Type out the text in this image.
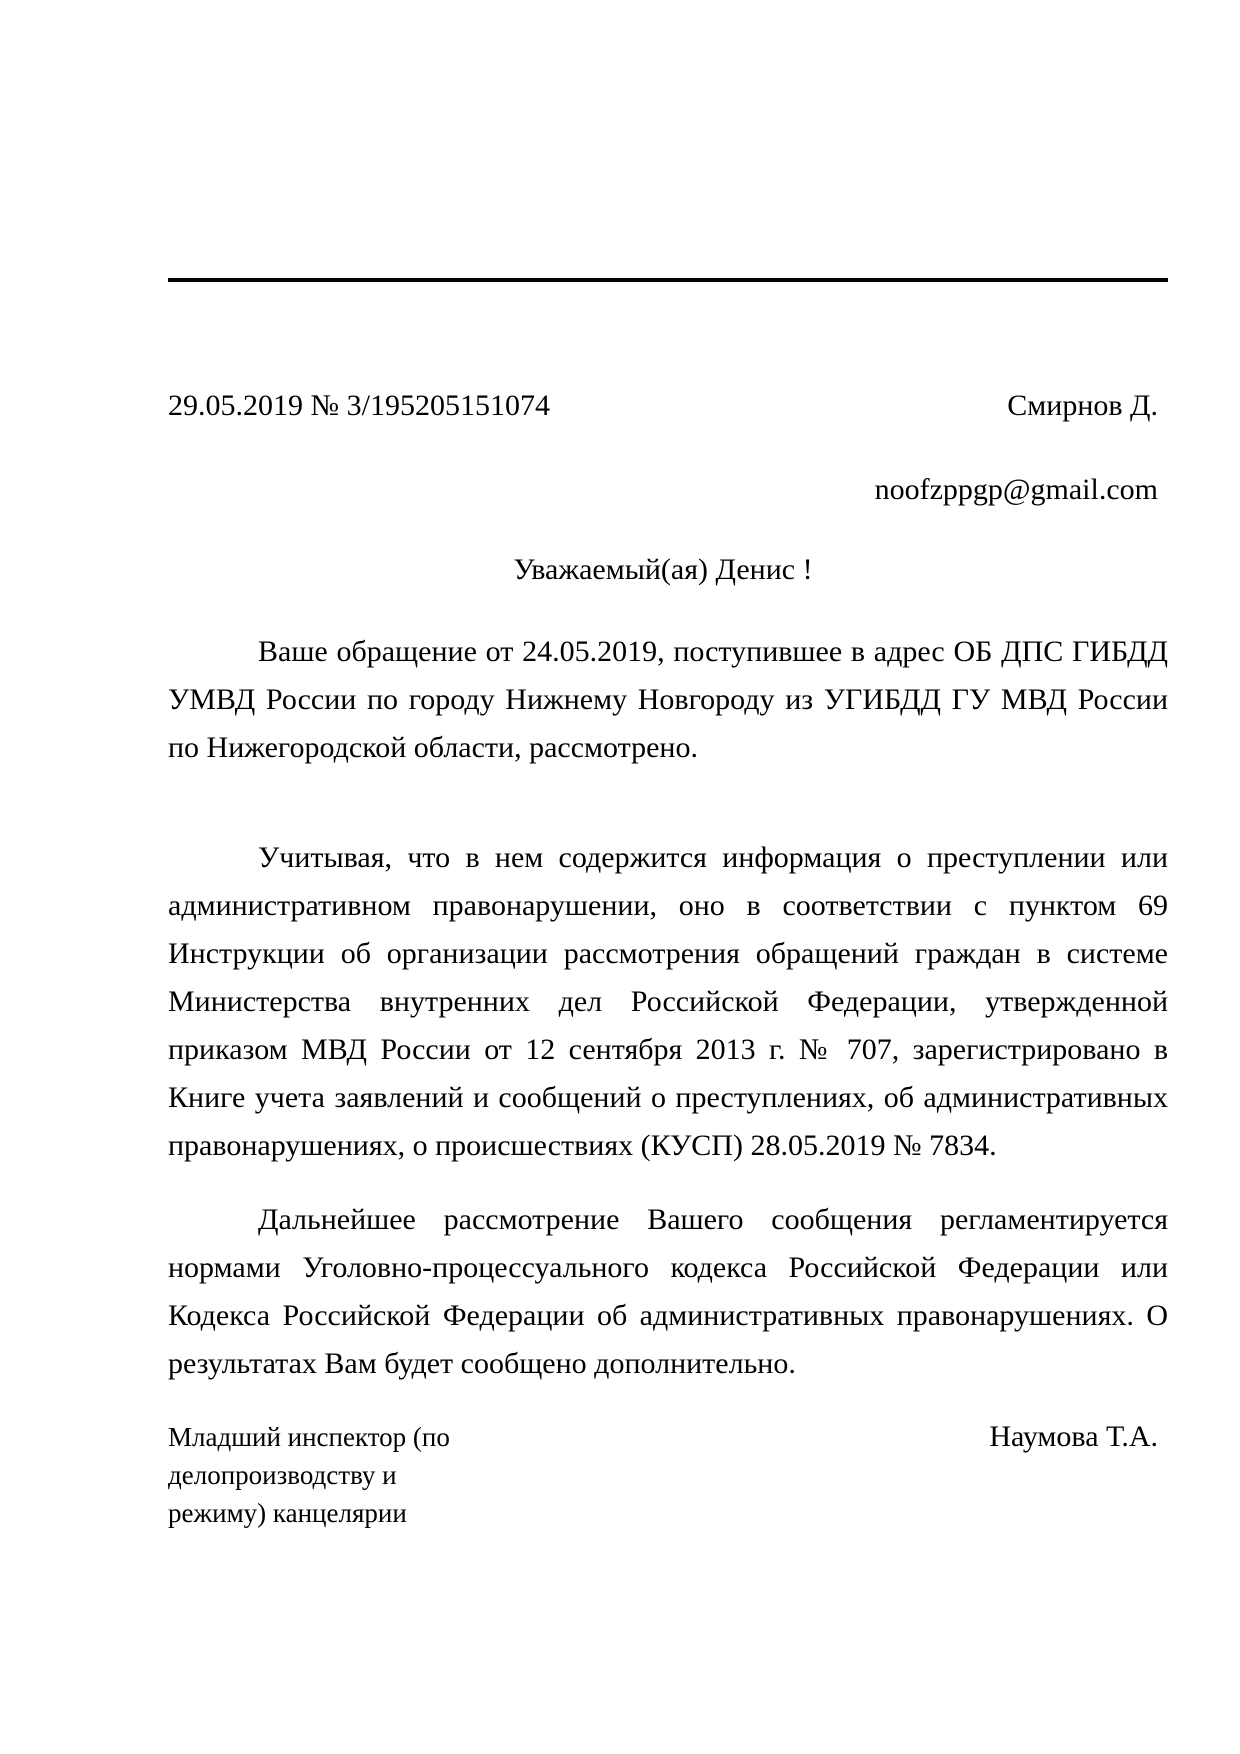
29.05.2019 № 3/195205151074	Смирнов Д.
noofzppgp@gmail.com
Уважаемый(ая) Денис !

Ваше обращение от 24.05.2019, поступившее в адрес ОБ ДПС ГИБДД УМВД России по городу Нижнему Новгороду из УГИБДД ГУ МВД России по Нижегородской области, рассмотрено.

Учитывая, что в нем содержится информация о преступлении или административном правонарушении, оно в соответствии с пунктом 69 Инструкции об организации рассмотрения обращений граждан в системе Министерства внутренних дел Российской Федерации, утвержденной приказом МВД России от 12 сентября 2013 г. № 707, зарегистрировано в Книге учета заявлений и сообщений о преступлениях, об административных правонарушениях, о происшествиях (КУСП) 28.05.2019 № 7834.

Дальнейшее рассмотрение Вашего сообщения регламентируется нормами Уголовно-процессуального кодекса Российской Федерации или Кодекса Российской Федерации об административных правонарушениях. О результатах Вам будет сообщено дополнительно.

Младший инспектор (по делопроизводству и режиму) канцелярии
Наумова Т.А.
